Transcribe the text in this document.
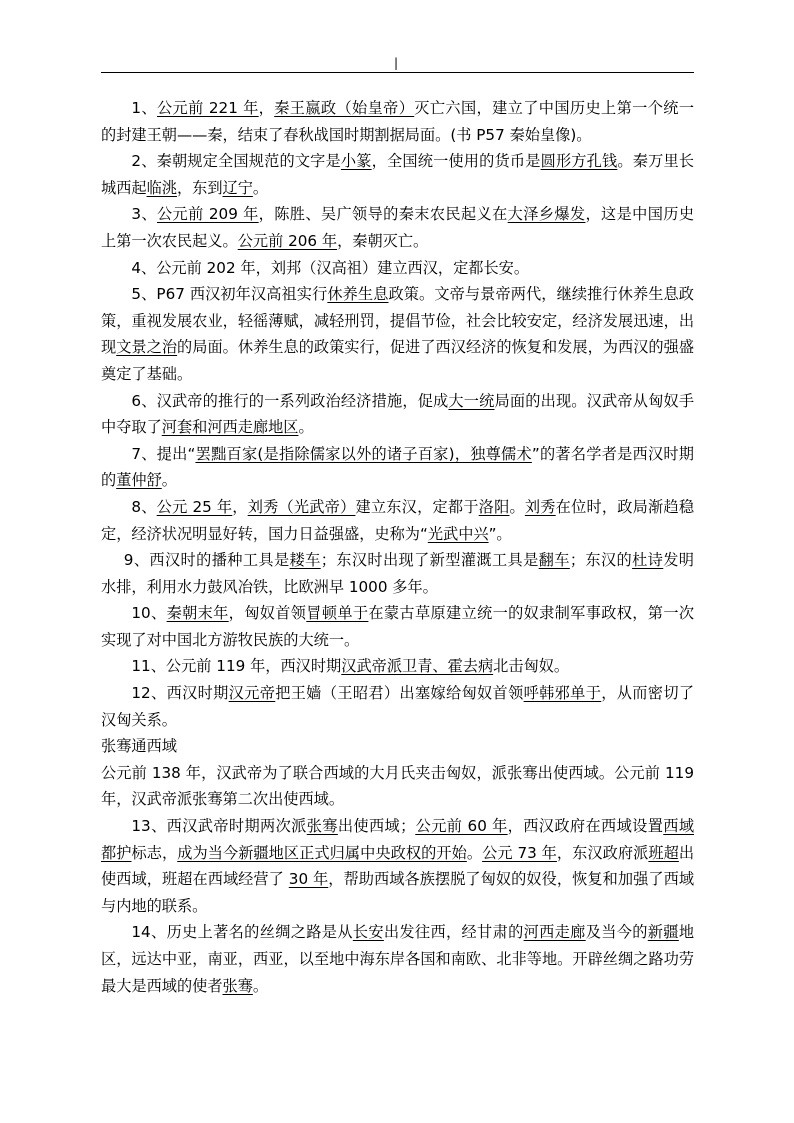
|

1、公元前 221 年，秦王嬴政（始皇帝）灭亡六国，建立了中国历史上第一个统一的封建王朝——秦，结束了春秋战国时期割据局面。(书 P57 秦始皇像)。

2、秦朝规定全国规范的文字是小篆，全国统一使用的货币是圆形方孔钱。秦万里长城西起临洮，东到辽宁。

3、公元前 209 年，陈胜、吴广领导的秦末农民起义在大泽乡爆发，这是中国历史上第一次农民起义。公元前 206 年，秦朝灭亡。

4、公元前 202 年，刘邦（汉高祖）建立西汉，定都长安。

5、P67 西汉初年汉高祖实行休养生息政策。文帝与景帝两代，继续推行休养生息政策，重视发展农业，轻徭薄赋，减轻刑罚，提倡节俭，社会比较安定，经济发展迅速，出现文景之治的局面。休养生息的政策实行，促进了西汉经济的恢复和发展，为西汉的强盛奠定了基础。

6、汉武帝的推行的一系列政治经济措施，促成大一统局面的出现。汉武帝从匈奴手中夺取了河套和河西走廊地区。

7、提出“罢黜百家(是指除儒家以外的诸子百家)，独尊儒术”的著名学者是西汉时期的董仲舒。

8、公元 25 年，刘秀（光武帝）建立东汉，定都于洛阳。刘秀在位时，政局渐趋稳定，经济状况明显好转，国力日益强盛，史称为“光武中兴”。

9、西汉时的播种工具是耧车；东汉时出现了新型灌溉工具是翻车；东汉的杜诗发明水排，利用水力鼓风冶铁，比欧洲早 1000 多年。

10、秦朝末年，匈奴首领冒顿单于在蒙古草原建立统一的奴隶制军事政权，第一次实现了对中国北方游牧民族的大统一。

11、公元前 119 年，西汉时期汉武帝派卫青、霍去病北击匈奴。

12、西汉时期汉元帝把王嫱（王昭君）出塞嫁给匈奴首领呼韩邪单于，从而密切了汉匈关系。

张骞通西域

公元前 138 年，汉武帝为了联合西域的大月氏夹击匈奴，派张骞出使西域。公元前 119 年，汉武帝派张骞第二次出使西域。

13、西汉武帝时期两次派张骞出使西域；公元前 60 年，西汉政府在西域设置西域都护标志，成为当今新疆地区正式归属中央政权的开始。公元 73 年，东汉政府派班超出使西域，班超在西域经营了 30 年，帮助西域各族摆脱了匈奴的奴役，恢复和加强了西域与内地的联系。

14、历史上著名的丝绸之路是从长安出发往西，经甘肃的河西走廊及当今的新疆地区，远达中亚，南亚，西亚，以至地中海东岸各国和南欧、北非等地。开辟丝绸之路功劳最大是西域的使者张骞。
